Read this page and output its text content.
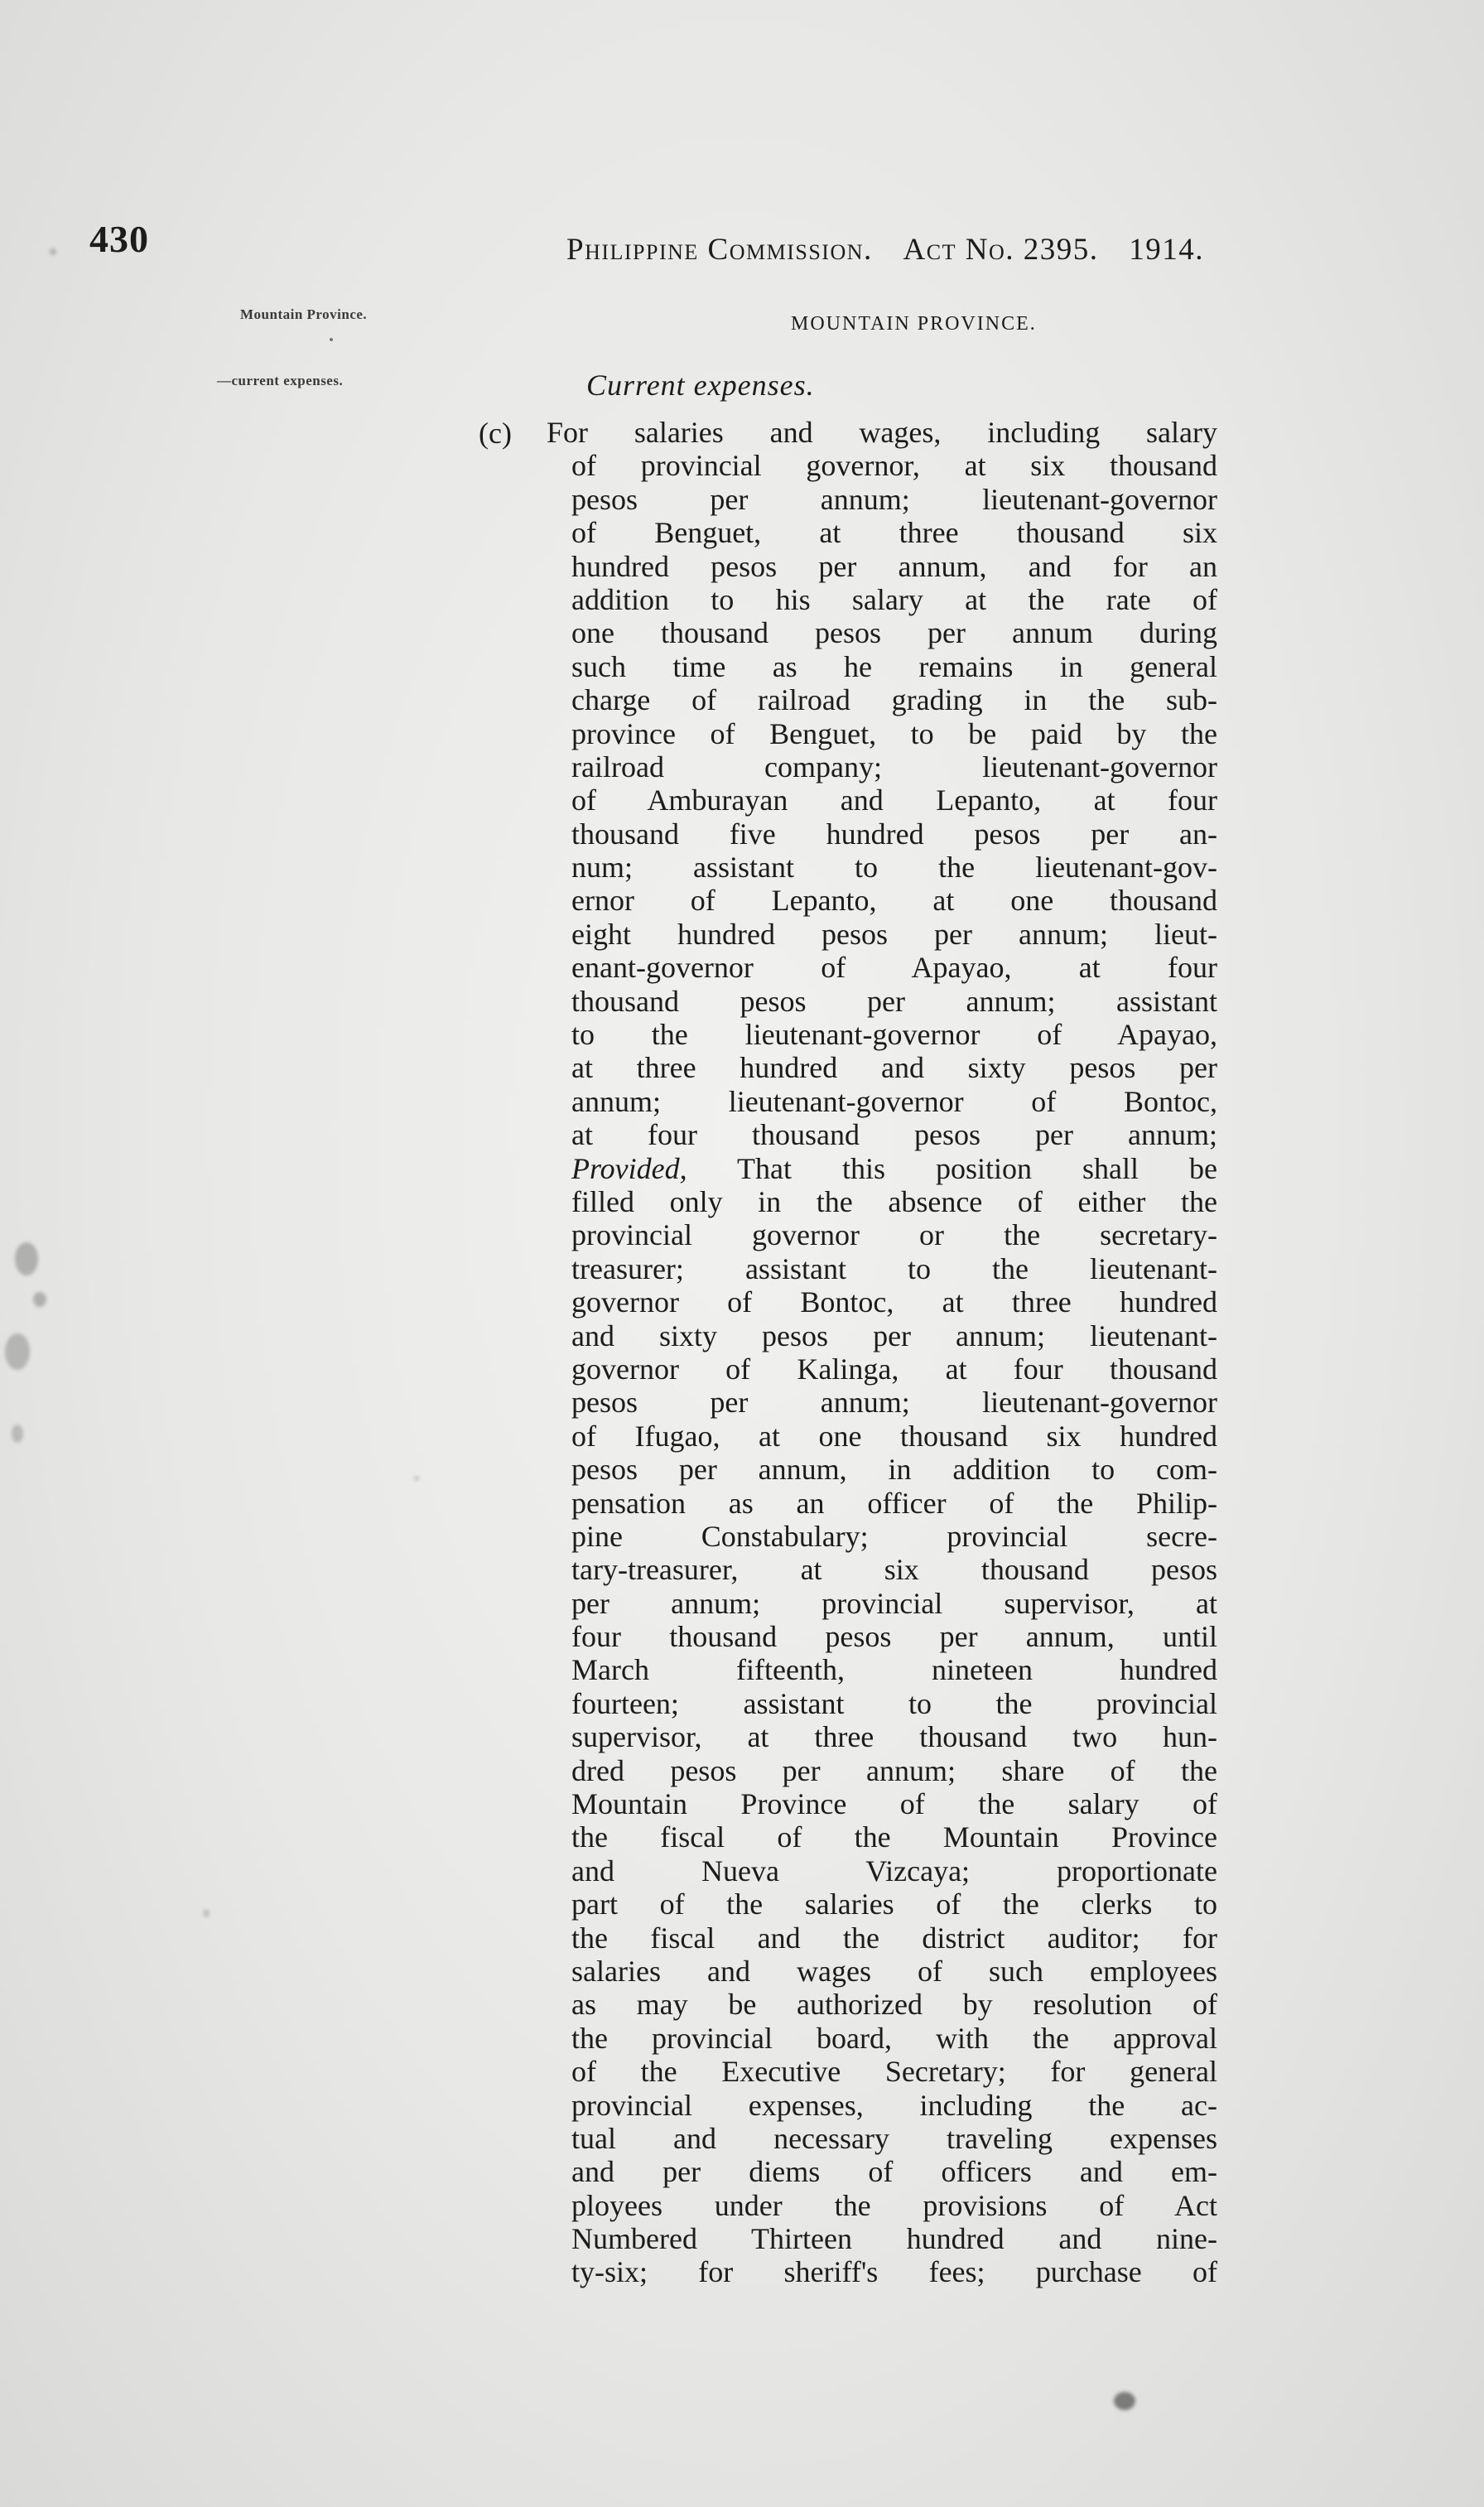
430	Philippine Commission. Act No. 2395. 1914.
Mountain Province.
—current expenses.
MOUNTAIN PROVINCE.
Current expenses.
(c) For salaries and wages, including salary
of provincial governor, at six thousand
pesos per annum; lieutenant-governor
of Benguet, at three thousand six
hundred pesos per annum, and for an
addition to his salary at the rate of
one thousand pesos per annum during
such time as he remains in general
charge of railroad grading in the sub-
province of Benguet, to be paid by the
railroad company; lieutenant-governor
of Amburayan and Lepanto, at four
thousand five hundred pesos per an-
num; assistant to the lieutenant-gov-
ernor of Lepanto, at one thousand
eight hundred pesos per annum; lieut-
enant-governor of Apayao, at four
thousand pesos per annum; assistant
to the lieutenant-governor of Apayao,
at three hundred and sixty pesos per
annum; lieutenant-governor of Bontoc,
at four thousand pesos per annum;
Provided, That this position shall be
filled only in the absence of either the
provincial governor or the secretary-
treasurer; assistant to the lieutenant-
governor of Bontoc, at three hundred
and sixty pesos per annum; lieutenant-
governor of Kalinga, at four thousand
pesos per annum; lieutenant-governor
of Ifugao, at one thousand six hundred
pesos per annum, in addition to com-
pensation as an officer of the Philip-
pine Constabulary; provincial secre-
tary-treasurer, at six thousand pesos
per annum; provincial supervisor, at
four thousand pesos per annum, until
March fifteenth, nineteen hundred
fourteen; assistant to the provincial
supervisor, at three thousand two hun-
dred pesos per annum; share of the
Mountain Province of the salary of
the fiscal of the Mountain Province
and Nueva Vizcaya; proportionate
part of the salaries of the clerks to
the fiscal and the district auditor; for
salaries and wages of such employees
as may be authorized by resolution of
the provincial board, with the approval
of the Executive Secretary; for general
provincial expenses, including the ac-
tual and necessary traveling expenses
and per diems of officers and em-
ployees under the provisions of Act
Numbered Thirteen hundred and nine-
ty-six; for sheriff's fees; purchase of
